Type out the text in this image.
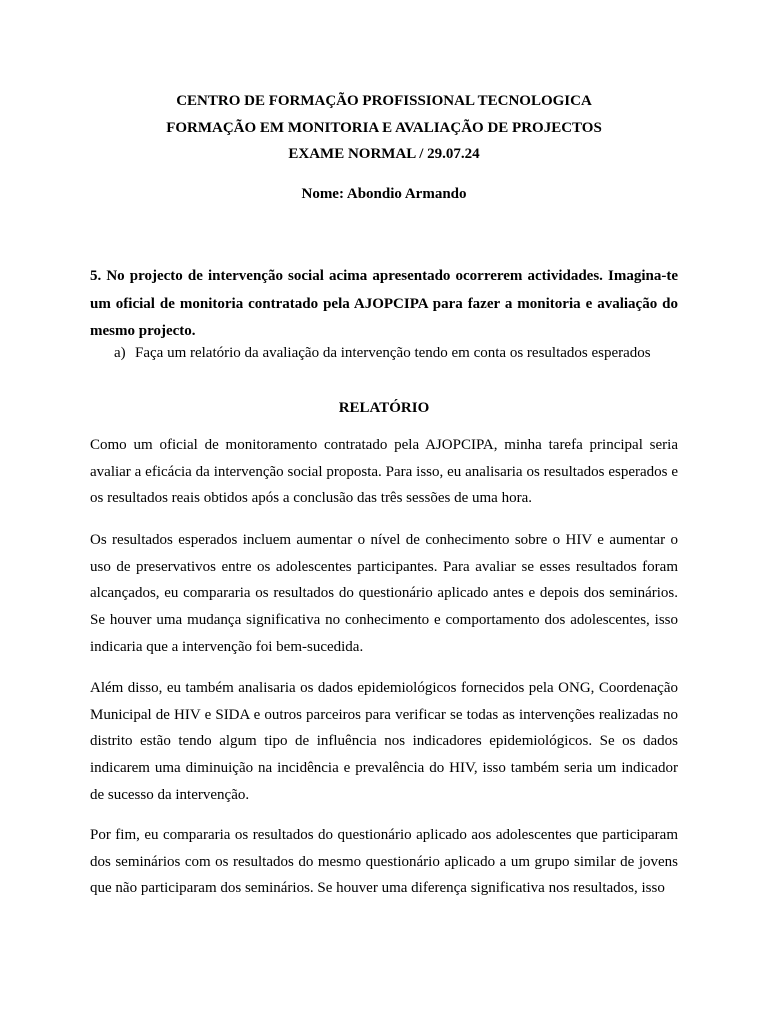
CENTRO DE FORMAÇÃO PROFISSIONAL TECNOLOGICA
FORMAÇÃO EM MONITORIA E AVALIAÇÃO DE PROJECTOS
EXAME NORMAL / 29.07.24
Nome: Abondio Armando
5. No projecto de intervenção social acima apresentado ocorrerem actividades. Imagina-te um oficial de monitoria contratado pela AJOPCIPA para fazer a monitoria e avaliação do mesmo projecto.
a) Faça um relatório da avaliação da intervenção tendo em conta os resultados esperados
RELATÓRIO
Como um oficial de monitoramento contratado pela AJOPCIPA, minha tarefa principal seria avaliar a eficácia da intervenção social proposta. Para isso, eu analisaria os resultados esperados e os resultados reais obtidos após a conclusão das três sessões de uma hora.
Os resultados esperados incluem aumentar o nível de conhecimento sobre o HIV e aumentar o uso de preservativos entre os adolescentes participantes. Para avaliar se esses resultados foram alcançados, eu compararia os resultados do questionário aplicado antes e depois dos seminários. Se houver uma mudança significativa no conhecimento e comportamento dos adolescentes, isso indicaria que a intervenção foi bem-sucedida.
Além disso, eu também analisaria os dados epidemiológicos fornecidos pela ONG, Coordenação Municipal de HIV e SIDA e outros parceiros para verificar se todas as intervenções realizadas no distrito estão tendo algum tipo de influência nos indicadores epidemiológicos. Se os dados indicarem uma diminuição na incidência e prevalência do HIV, isso também seria um indicador de sucesso da intervenção.
Por fim, eu compararia os resultados do questionário aplicado aos adolescentes que participaram dos seminários com os resultados do mesmo questionário aplicado a um grupo similar de jovens que não participaram dos seminários. Se houver uma diferença significativa nos resultados, isso
